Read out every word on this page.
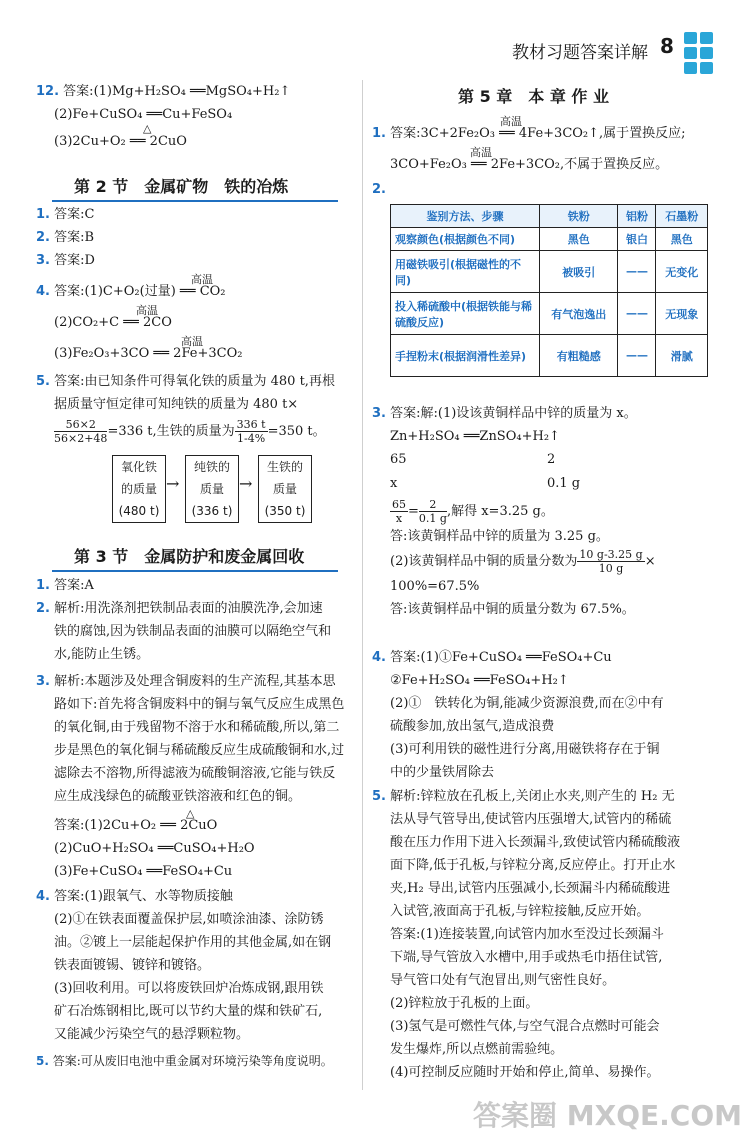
教材习题答案详解 8
12. 答案:(1)Mg+H₂SO₄ ══MgSO₄+H₂↑
(2)Fe+CuSO₄ ══Cu+FeSO₄
(3)2Cu+O₂ ══ 2CuO
△
第 2 节　金属矿物　铁的冶炼
1. 答案:C
2. 答案:B
3. 答案:D
4. 答案:(1)C+O₂(过量) ══ CO₂
高温
(2)CO₂+C ══ 2CO
高温
(3)Fe₂O₃+3CO ══ 2Fe+3CO₂
高温
5. 答案:由已知条件可得氧化铁的质量为 480 t,再根
据质量守恒定律可知纯铁的质量为 480 t×
$\frac{56\times 2}{56\times 2+48} =336$ t,生铁的质量为 $\frac{336 t}{1-4\%} =350$ t。
氧化铁
的质量
(480 t)
→
纯铁的
质量
(336 t)
→
生铁的
质量
(350 t)
第 3 节　金属防护和废金属回收
1. 答案:A
2. 解析:用洗涤剂把铁制品表面的油膜洗净,会加速
铁的腐蚀,因为铁制品表面的油膜可以隔绝空气和
水,能防止生锈。
3. 解析:本题涉及处理含铜废料的生产流程,其基本思
路如下:首先将含铜废料中的铜与氧气反应生成黑色
的氧化铜,由于残留物不溶于水和稀硫酸,所以,第二
步是黑色的氧化铜与稀硫酸反应生成硫酸铜和水,过
滤除去不溶物,所得滤液为硫酸铜溶液,它能与铁反
应生成浅绿色的硫酸亚铁溶液和红色的铜。
答案:(1)2Cu+O₂ ══ 2CuO
△
(2)CuO+H₂SO₄ ══CuSO₄+H₂O
(3)Fe+CuSO₄ ══FeSO₄+Cu
4. 答案:(1)跟氧气、水等物质接触
(2)①在铁表面覆盖保护层,如喷涂油漆、涂防锈
油。②镀上一层能起保护作用的其他金属,如在钢
铁表面镀锡、镀锌和镀铬。
(3)回收利用。可以将废铁回炉冶炼成钢,跟用铁
矿石冶炼钢相比,既可以节约大量的煤和铁矿石,
又能减少污染空气的悬浮颗粒物。
5. 答案:可从废旧电池中重金属对环境污染等角度说明。
第 5 章　本 章 作 业
1. 答案:3C+2Fe₂O₃ ══ 4Fe+3CO₂↑,属于置换反应;
高温
3CO+Fe₂O₃ ══ 2Fe+3CO₂,不属于置换反应。
高温
2.
鉴别方法、步骤	铁粉	铝粉	石墨粉
观察颜色(根据颜色不同)	黑色	银白	黑色
用磁铁吸引(根据磁性的不同)	被吸引	——	无变化
投入稀硫酸中(根据铁能与稀硫酸反应)	有气泡逸出	——	无现象
手捏粉末(根据润滑性差异)	有粗糙感	——	滑腻
3. 答案:解:(1)设该黄铜样品中锌的质量为 x。
Zn+H₂SO₄ ══ZnSO₄+H₂↑
65	2
x	0.1 g
$\frac{65}{x} = \frac{2}{0.1 g}$ ,解得 x=3.25 g。
答:该黄铜样品中锌的质量为 3.25 g。
(2)该黄铜样品中铜的质量分数为 $\frac{10 g-3.25 g}{10 g}$ ×
100%=67.5%
答:该黄铜样品中铜的质量分数为 67.5%。
4. 答案:(1)①Fe+CuSO₄ ══FeSO₄+Cu
②Fe+H₂SO₄ ══FeSO₄+H₂↑
(2)①　铁转化为铜,能减少资源浪费,而在②中有
硫酸参加,放出氢气,造成浪费
(3)可利用铁的磁性进行分离,用磁铁将存在于铜
中的少量铁屑除去
5. 解析:锌粒放在孔板上,关闭止水夹,则产生的 H₂ 无
法从导气管导出,使试管内压强增大,试管内的稀硫
酸在压力作用下进入长颈漏斗,致使试管内稀硫酸液
面下降,低于孔板,与锌粒分离,反应停止。打开止水
夹,H₂ 导出,试管内压强减小,长颈漏斗内稀硫酸进
入试管,液面高于孔板,与锌粒接触,反应开始。
答案:(1)连接装置,向试管内加水至没过长颈漏斗
下端,导气管放入水槽中,用手或热毛巾捂住试管,
导气管口处有气泡冒出,则气密性良好。
(2)锌粒放于孔板的上面。
(3)氢气是可燃性气体,与空气混合点燃时可能会
发生爆炸,所以点燃前需验纯。
(4)可控制反应随时开始和停止,简单、易操作。
答案圈 MXQE.COM
